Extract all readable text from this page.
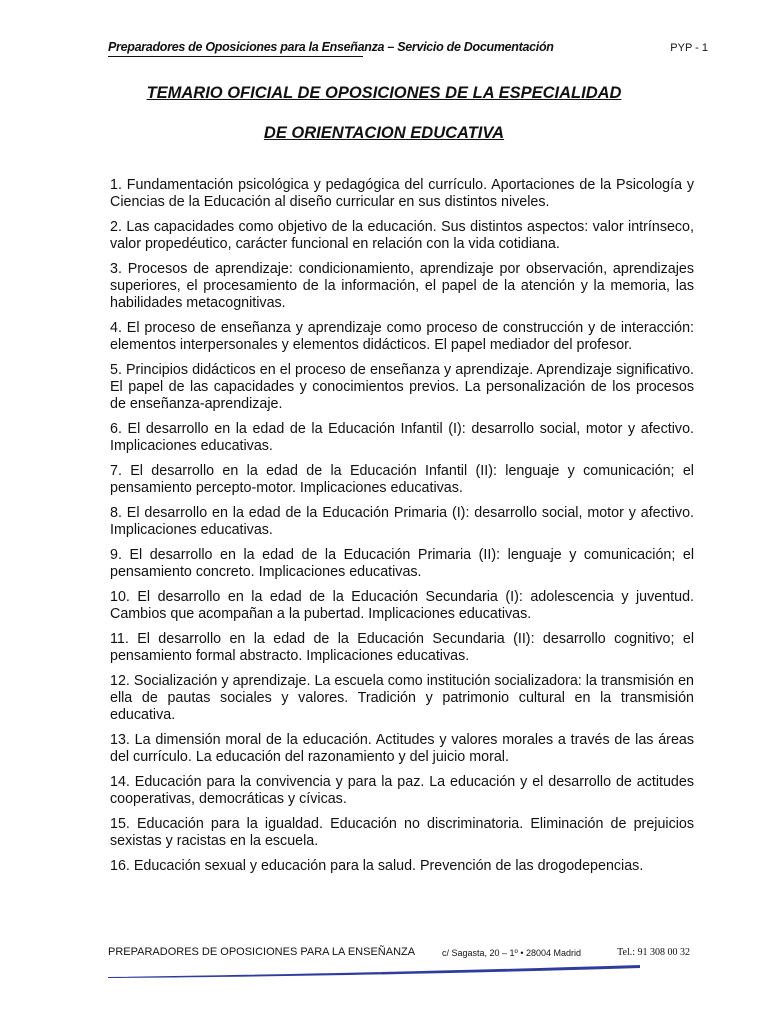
Preparadores de Oposiciones para la Enseñanza – Servicio de Documentación	PYP - 1
TEMARIO OFICIAL DE OPOSICIONES DE LA ESPECIALIDAD
DE ORIENTACION EDUCATIVA
1. Fundamentación psicológica y pedagógica del currículo. Aportaciones de la Psicología y Ciencias de la Educación al diseño curricular en sus distintos niveles.
2. Las capacidades como objetivo de la educación. Sus distintos aspectos: valor intrínseco, valor propedéutico, carácter funcional en relación con la vida cotidiana.
3. Procesos de aprendizaje: condicionamiento, aprendizaje por observación, aprendizajes superiores, el procesamiento de la información, el papel de la atención y la memoria, las habilidades metacognitivas.
4. El proceso de enseñanza y aprendizaje como proceso de construcción y de interacción: elementos interpersonales y elementos didácticos. El papel mediador del profesor.
5. Principios didácticos en el proceso de enseñanza y aprendizaje. Aprendizaje significativo. El papel de las capacidades y conocimientos previos. La personalización de los procesos de enseñanza-aprendizaje.
6. El desarrollo en la edad de la Educación Infantil (I): desarrollo social, motor y afectivo. Implicaciones educativas.
7. El desarrollo en la edad de la Educación Infantil (II): lenguaje y comunicación; el pensamiento percepto-motor. Implicaciones educativas.
8. El desarrollo en la edad de la Educación Primaria (I): desarrollo social, motor y afectivo. Implicaciones educativas.
9. El desarrollo en la edad de la Educación Primaria (II): lenguaje y comunicación; el pensamiento concreto. Implicaciones educativas.
10. El desarrollo en la edad de la Educación Secundaria (I): adolescencia y juventud. Cambios que acompañan a la pubertad. Implicaciones educativas.
11. El desarrollo en la edad de la Educación Secundaria (II): desarrollo cognitivo; el pensamiento formal abstracto. Implicaciones educativas.
12. Socialización y aprendizaje. La escuela como institución socializadora: la transmisión en ella de pautas sociales y valores. Tradición y patrimonio cultural en la transmisión educativa.
13. La dimensión moral de la educación. Actitudes y valores morales a través de las áreas del currículo. La educación del razonamiento y del juicio moral.
14. Educación para la convivencia y para la paz. La educación y el desarrollo de actitudes cooperativas, democráticas y cívicas.
15. Educación para la igualdad. Educación no discriminatoria. Eliminación de prejuicios sexistas y racistas en la escuela.
16. Educación sexual y educación para la salud. Prevención de las drogodepencias.
PREPARADORES DE OPOSICIONES PARA LA ENSEÑANZA	c/ Sagasta, 20 – 1º • 28004 Madrid	Tel.: 91 308 00 32
